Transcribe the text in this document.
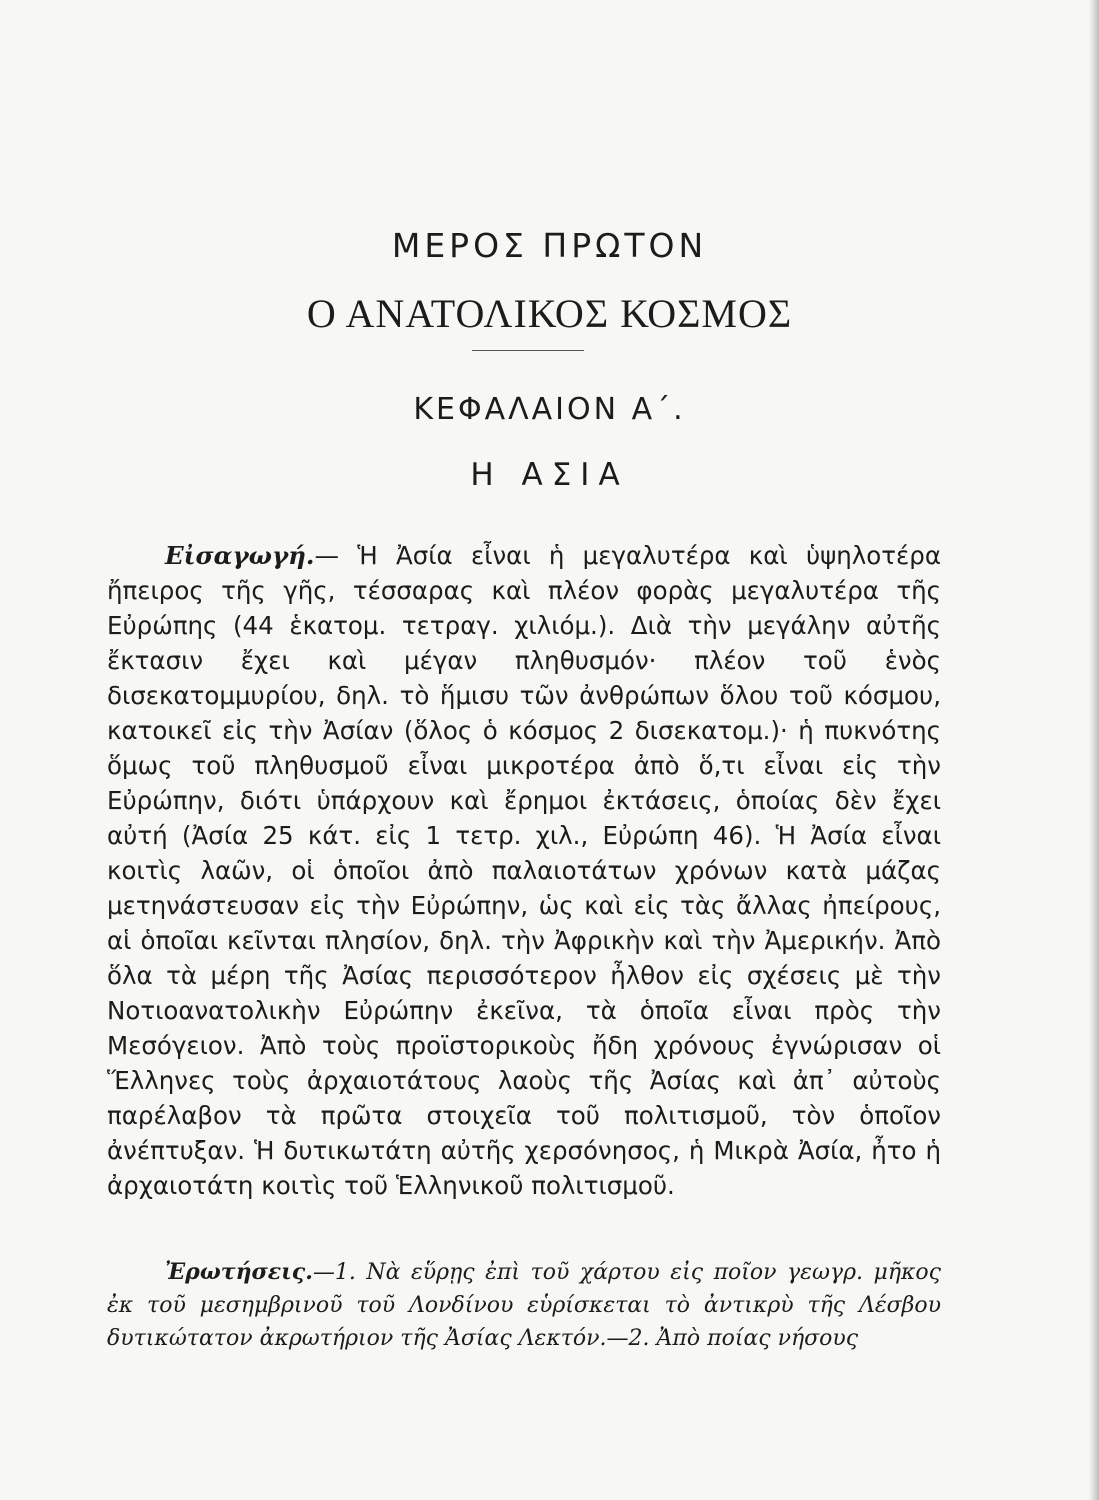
ΜΕΡΟΣ ΠΡΩΤΟΝ
Ο ΑΝΑΤΟΛΙΚΟΣ ΚΟΣΜΟΣ
ΚΕΦΑΛΑΙΟΝ Α΄.
Η ΑΣΙΑ
Εἰσαγωγή.— Ἡ Ἀσία εἶναι ἡ μεγαλυτέρα καὶ ὑψηλοτέρα ἤπειρος τῆς γῆς, τέσσαρας καὶ πλέον φορὰς μεγαλυτέρα τῆς Εὐρώπης (44 ἑκατομ. τετραγ. χιλιόμ.). Διὰ τὴν μεγάλην αὐτῆς ἔκτασιν ἔχει καὶ μέγαν πληθυσμόν· πλέον τοῦ ἑνὸς δισεκατομμυρίου, δηλ. τὸ ἥμισυ τῶν ἀνθρώπων ὅλου τοῦ κόσμου, κατοικεῖ εἰς τὴν Ἀσίαν (ὅλος ὁ κόσμος 2 δισεκατομ.)· ἡ πυκνότης ὅμως τοῦ πληθυσμοῦ εἶναι μικροτέρα ἀπὸ ὅ,τι εἶναι εἰς τὴν Εὐρώπην, διότι ὑπάρχουν καὶ ἔρημοι ἐκτάσεις, ὁποίας δὲν ἔχει αὐτή (Ἀσία 25 κάτ. εἰς 1 τετρ. χιλ., Εὐρώπη 46). Ἡ Ἀσία εἶναι κοιτὶς λαῶν, οἱ ὁποῖοι ἀπὸ παλαιοτάτων χρόνων κατὰ μάζας μετηνάστευσαν εἰς τὴν Εὐρώπην, ὡς καὶ εἰς τὰς ἄλλας ἠπείρους, αἱ ὁποῖαι κεῖνται πλησίον, δηλ. τὴν Ἀφρικὴν καὶ τὴν Ἀμερικήν. Ἀπὸ ὅλα τὰ μέρη τῆς Ἀσίας περισσότερον ἦλθον εἰς σχέσεις μὲ τὴν Νοτιοανατολικὴν Εὐρώπην ἐκεῖνα, τὰ ὁποῖα εἶναι πρὸς τὴν Μεσόγειον. Ἀπὸ τοὺς προϊστορικοὺς ἤδη χρόνους ἐγνώρισαν οἱ Ἕλληνες τοὺς ἀρχαιοτάτους λαοὺς τῆς Ἀσίας καὶ ἀπ᾽ αὐτοὺς παρέλαβον τὰ πρῶτα στοιχεῖα τοῦ πολιτισμοῦ, τὸν ὁποῖον ἀνέπτυξαν. Ἡ δυτικωτάτη αὐτῆς χερσόνησος, ἡ Μικρὰ Ἀσία, ἦτο ἡ ἀρχαιοτάτη κοιτὶς τοῦ Ἑλληνικοῦ πολιτισμοῦ.
Ἐρωτήσεις.—1. Νὰ εὕρῃς ἐπὶ τοῦ χάρτου εἰς ποῖον γεωγρ. μῆκος ἐκ τοῦ μεσημβρινοῦ τοῦ Λονδίνου εὑρίσκεται τὸ ἀντικρὺ τῆς Λέσβου δυτικώτατον ἀκρωτήριον τῆς Ἀσίας Λεκτόν.—2. Ἀπὸ ποίας νήσους
